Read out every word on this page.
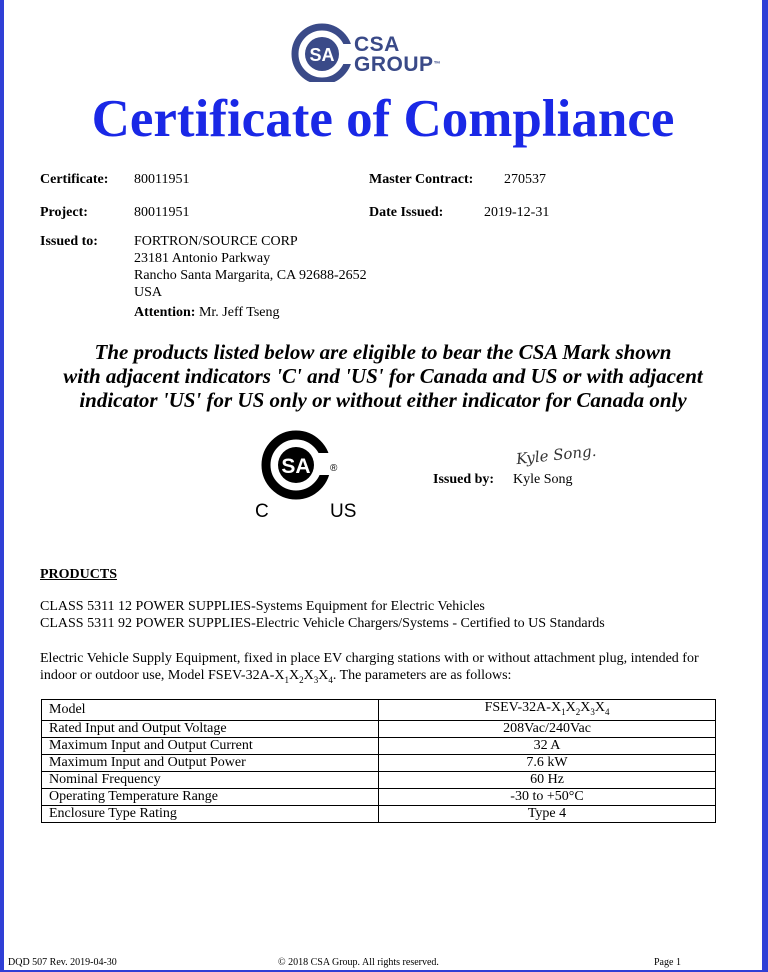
SA CSA
GROUP™
Certificate of Compliance
Certificate: 80011951	Master Contract: 270537
Project:	80011951	Date Issued:	2019-12-31
Issued to:	FORTRON/SOURCE CORP
23181 Antonio Parkway
Rancho Santa Margarita, CA 92688-2652
USA
Attention: Mr. Jeff Tseng
The products listed below are eligible to bear the CSA Mark shown
with adjacent indicators 'C' and 'US' for Canada and US or with adjacent
indicator 'US' for US only or without either indicator for Canada only
SA ®
C	US
Kyle Song.
Issued by: Kyle Song
PRODUCTS
CLASS 5311 12 POWER SUPPLIES-Systems Equipment for Electric Vehicles
CLASS 5311 92 POWER SUPPLIES-Electric Vehicle Chargers/Systems - Certified to US Standards
Electric Vehicle Supply Equipment, fixed in place EV charging stations with or without attachment plug, intended for indoor or outdoor use, Model FSEV-$32A-X_1X_2X_3X_4$. The parameters are as follows:
Model	FSEV-$32A-X_1X_2X_3X_4$
Rated Input and Output Voltage	208Vac/240Vac
Maximum Input and Output Current	32 A
Maximum Input and Output Power	7.6 kW
Nominal Frequency	60 Hz
Operating Temperature Range	-30 to +50°C
Enclosure Type Rating	Type 4
DQD 507 Rev. 2019-04-30	© 2018 CSA Group. All rights reserved.	Page 1
